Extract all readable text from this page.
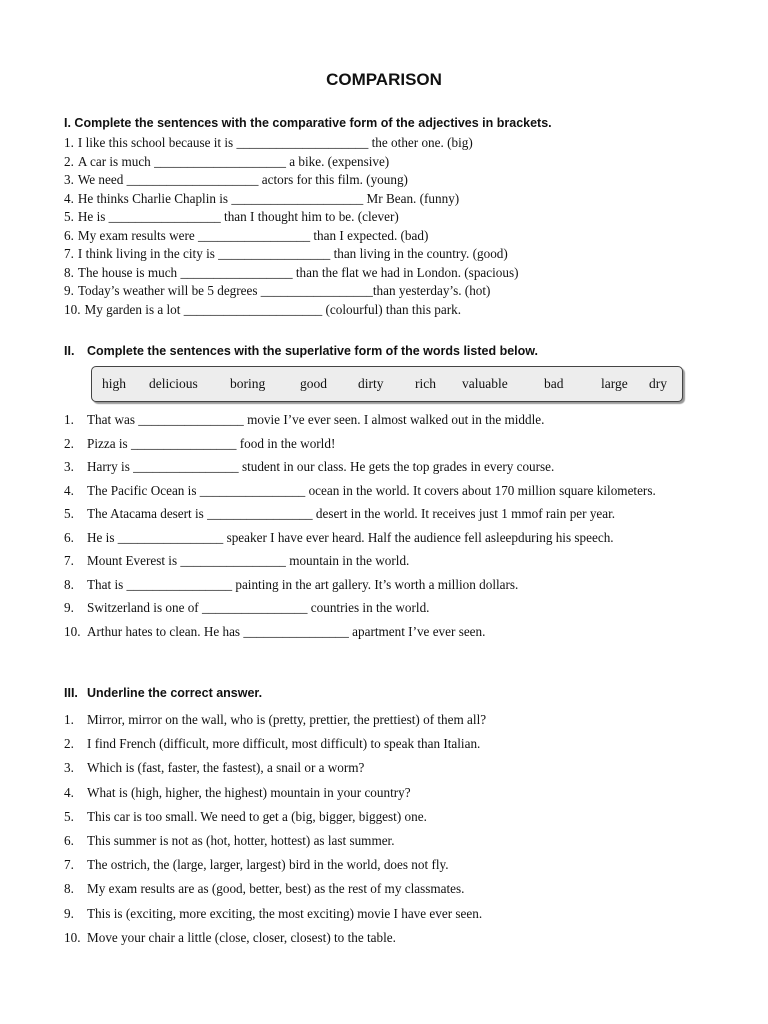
COMPARISON
I. Complete the sentences with the comparative form of the adjectives in brackets.
1. I like this school because it is ____________________ the other one. (big)
2. A car is much ____________________ a bike. (expensive)
3. We need ____________________ actors for this film. (young)
4. He thinks Charlie Chaplin is ____________________ Mr Bean. (funny)
5. He is _________________ than I thought him to be. (clever)
6. My exam results were _________________ than I expected. (bad)
7. I think living in the city is _________________ than living in the country. (good)
8. The house is much _________________ than the flat we had in London. (spacious)
9. Today’s weather will be 5 degrees _________________than yesterday’s. (hot)
10. My garden is a lot _____________________ (colourful) than this park.
II. Complete the sentences with the superlative form of the words listed below.
high delicious boring	good dirty rich valuable	bad	large dry
1. That was ________________ movie I’ve ever seen. I almost walked out in the middle.
2. Pizza is ________________ food in the world!
3. Harry is ________________ student in our class. He gets the top grades in every course.
4. The Pacific Ocean is ________________ ocean in the world. It covers about 170 million square kilometers.
5. The Atacama desert is ________________ desert in the world. It receives just 1 mmof rain per year.
6. He is ________________ speaker I have ever heard. Half the audience fell asleepduring his speech.
7. Mount Everest is ________________ mountain in the world.
8. That is ________________ painting in the art gallery. It’s worth a million dollars.
9. Switzerland is one of ________________ countries in the world.
10. Arthur hates to clean. He has ________________ apartment I’ve ever seen.
III. Underline the correct answer.
1. Mirror, mirror on the wall, who is (pretty, prettier, the prettiest) of them all?
2. I find French (difficult, more difficult, most difficult) to speak than Italian.
3. Which is (fast, faster, the fastest), a snail or a worm?
4. What is (high, higher, the highest) mountain in your country?
5. This car is too small. We need to get a (big, bigger, biggest) one.
6. This summer is not as (hot, hotter, hottest) as last summer.
7. The ostrich, the (large, larger, largest) bird in the world, does not fly.
8. My exam results are as (good, better, best) as the rest of my classmates.
9. This is (exciting, more exciting, the most exciting) movie I have ever seen.
10. Move your chair a little (close, closer, closest) to the table.
